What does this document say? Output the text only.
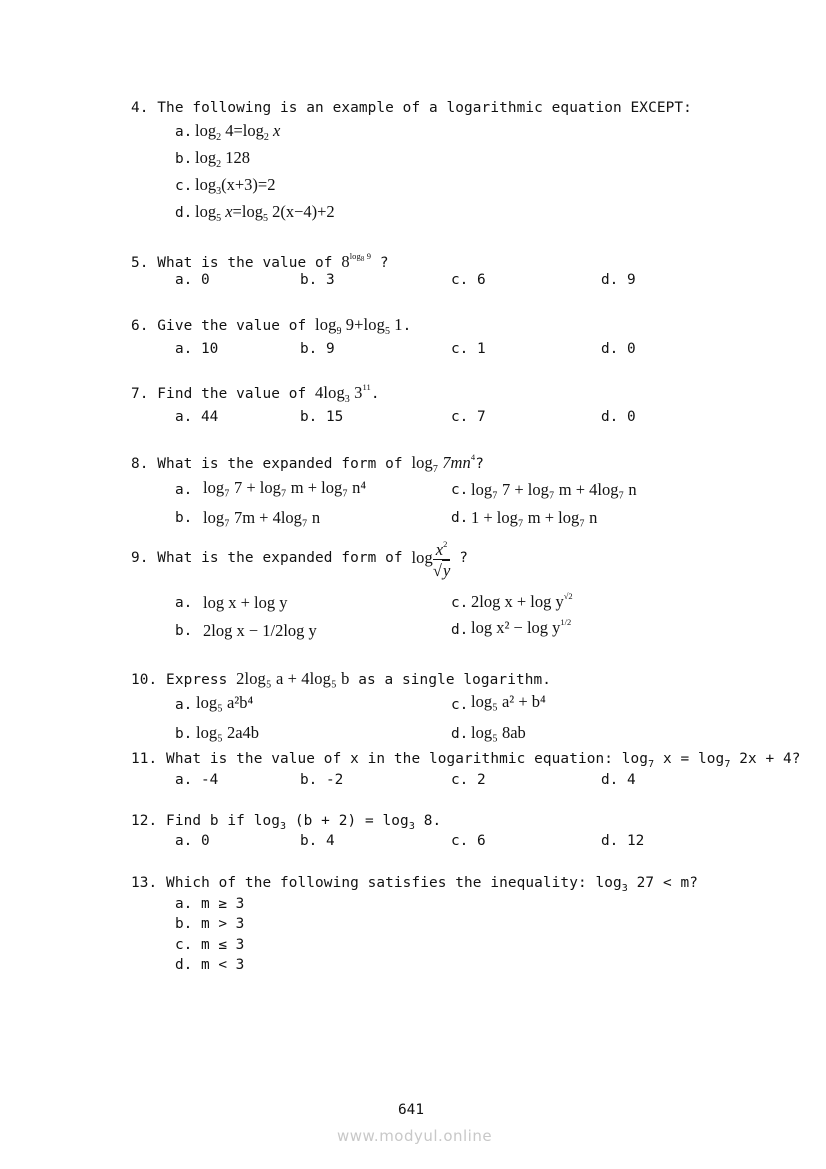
4. The following is an example of a logarithmic equation EXCEPT:
a. $\log_2 4=\log_2$ x
b. $\log_2 128$
c. $\log_3(x+3)=2$
d. $\log_5 x=\log_5$ 2(x−4)+2
5. What is the value of $8^{log_8 9}$ ?
a. 0	b. 3	c. 6	d. 9
6. Give the value of $\log_9 9+\log_5$ 1.
a. 10	b. 9	c. 1	d. 0
7. Find the value of $4\log_3$ $3^{11}$.
a. 44	b. 15	c. 7	d. 0
8. What is the expanded form of $\log_7 7mn^4$?
a. log₇ 7 + log₇ m + log₇ n⁴
b. log₇ 7m + 4log₇ n
c. log₇ 7 + log₇ m + 4log₇ n
d. 1 + log₇ m + log₇ n
9. What is the expanded form of $\log \frac{x^2}{√y}$ ?
a. log x + log y
b. 2log x − 1/2log y
c. 2log $x + \log y^{√2}$
d. $\log x^2 - \log y^{1/2}$
10. Express 2log₅ a + 4log₅ b as a single logarithm.
a. log₅ a²b⁴
b. log₅ 2a4b
c. log₅ a² + b⁴
d. log₅ 8ab
11. What is the value of x in the logarithmic equation: $\log_7 x = \log_7 2x + 4$?
a. -4	b. -2	c. 2	d. 4
12. Find b if $\log_3 (b + 2) = \log_3 8$.
a. 0	b. 4	c. 6	d. 12
13. Which of the following satisfies the inequality: $\log_3 27 < m$?
a. m ≥ 3
b. m > 3
c. m ≤ 3
d. m < 3
641
www.modyul.online
